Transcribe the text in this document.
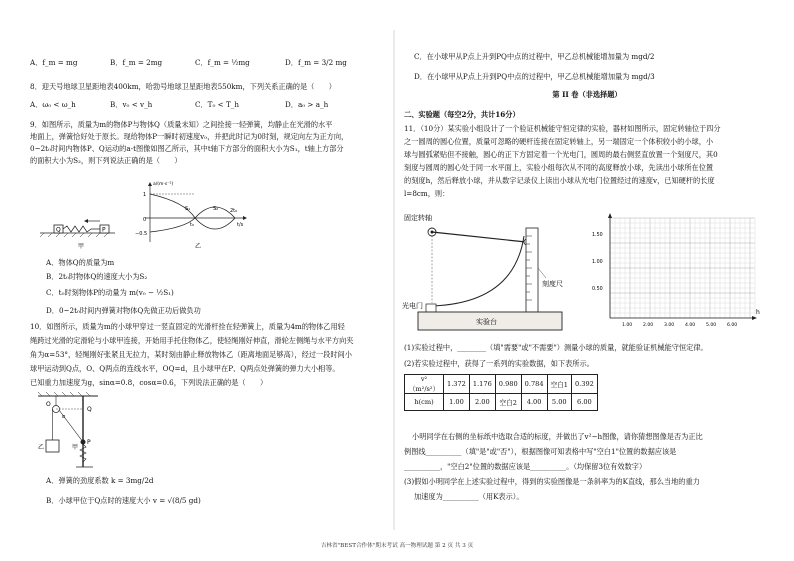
A．f_m = mg	B．f_m = 2mg	C．f_m = ½mg	D．f_m = 3/2 mg
8．迎天号地球卫星距地表400km，哈勃号地球卫星距地表550km，下列关系正确的是（　　）
A．ω₀ < ω_h	B．v₀ < v_h	C．T₀ < T_h	D．a₀ > a_h
9．如图所示，质量为m的物体P与物体Q（质量未知）之间拴接一轻弹簧，均静止在光滑的水平
地面上，弹簧恰好处于原长。现给物体P一瞬时初速度v₀，并把此时记为0时刻，规定向左为正方向，
0~2t₀时间内物体P、Q运动的a-t图像如图乙所示，其中t轴下方部分的面积大小为S₁，t轴上方部分
的面积大小为S₂，则下列说法正确的是（　　）
Q	P
甲
a/(m·s⁻²)
t/s
1
0
−0.5
t₀
2t₀
S₁	S₂
乙
A．物体Q的质量为m
B．2t₀时物体Q的速度大小为S₂
C．t₀时刻物体P的动量为 m(v₀ − ½S₁)
D．0~2t₀时间内弹簧对物体Q先做正功后做负功
10．如图所示，质量为m的小球甲穿过一竖直固定的光滑杆拴在轻弹簧上，质量为4m的物体乙用轻
绳跨过光滑的定滑轮与小球甲连接，开始用手托住物体乙，使轻绳刚好伸直，滑轮左侧绳与水平方向夹
角为α=53°，轻绳刚好张紧且无拉力，某时刻由静止释放物体乙（距离地面足够高），经过一段时间小
球甲运动到Q点，O、Q两点的连线水平，OQ=d，且小球甲在P、Q两点处弹簧的弹力大小相等。
已知重力加速度为g，sinα=0.8，cosα=0.6，下列说法正确的是（　　）
O
P
Q
乙	甲
α
A．弹簧的劲度系数 k = 3mg/2d
B．小球甲位于Q点时的速度大小 v = √(8/5 gd)
C．在小球甲从P点上升到PQ中点的过程中，甲乙总机械能增加量为 mgd/2
D．在小球甲从P点上升到PQ中点的过程中，甲乙总机械能增加量为 mgd/3
第 II 卷（非选择题）
二、实验题（每空2分，共计16分）
11．（10分）某实验小组设计了一个验证机械能守恒定律的实验，器材如图所示，固定转轴位于四分
之一圆周的圆心位置，质量可忽略的硬杆连接在固定转轴上，另一端固定一个体积较小的小球，小
球与圆弧紧贴但不接触，圆心的正下方固定着一个光电门，圆周的最右侧竖直放置一个刻度尺，其0
刻度与圆周的圆心处于同一水平面上，实验小组每次从不同的高度释放小球，先读出小球所在位置
的刻度h，然后释放小球，并从数字记录仪上读出小球从光电门位置经过的速度v，已知硬杆的长度
l=8cm，则：
固定转轴
刻度尺
光电门
实验台
1.50
1.00
0.50
1.00 2.00 3.00 4.00 5.00 6.00
h
(1)实验过程中，________（填"需要"或"不需要"）测量小球的质量，就能验证机械能守恒定律。
(2)若实验过程中，获得了一系列的实验数据，如下表所示。
v²（m²/s²）	1.372	1.176	0.980	0.784	空白1	0.392
h(cm)	1.00	2.00	空白2	4.00	5.00	6.00
小明同学在右侧的坐标纸中选取合适的标度，并做出了v²−h图像，请你猜想图像是否为正比
例图线__________（填"是"或"否"），根据图像可知表格中写"空白1"位置的数据应该是
__________，"空白2"位置的数据应该是__________。（均保留3位有效数字）
(3)假如小明同学在上述实验过程中，得到的实验图像是一条斜率为的K直线，那么当地的重力
加速度为__________（用K表示）。
吉林省"BEST合作体"期末考试 高一物理试题 第 2 页 共 3 页
